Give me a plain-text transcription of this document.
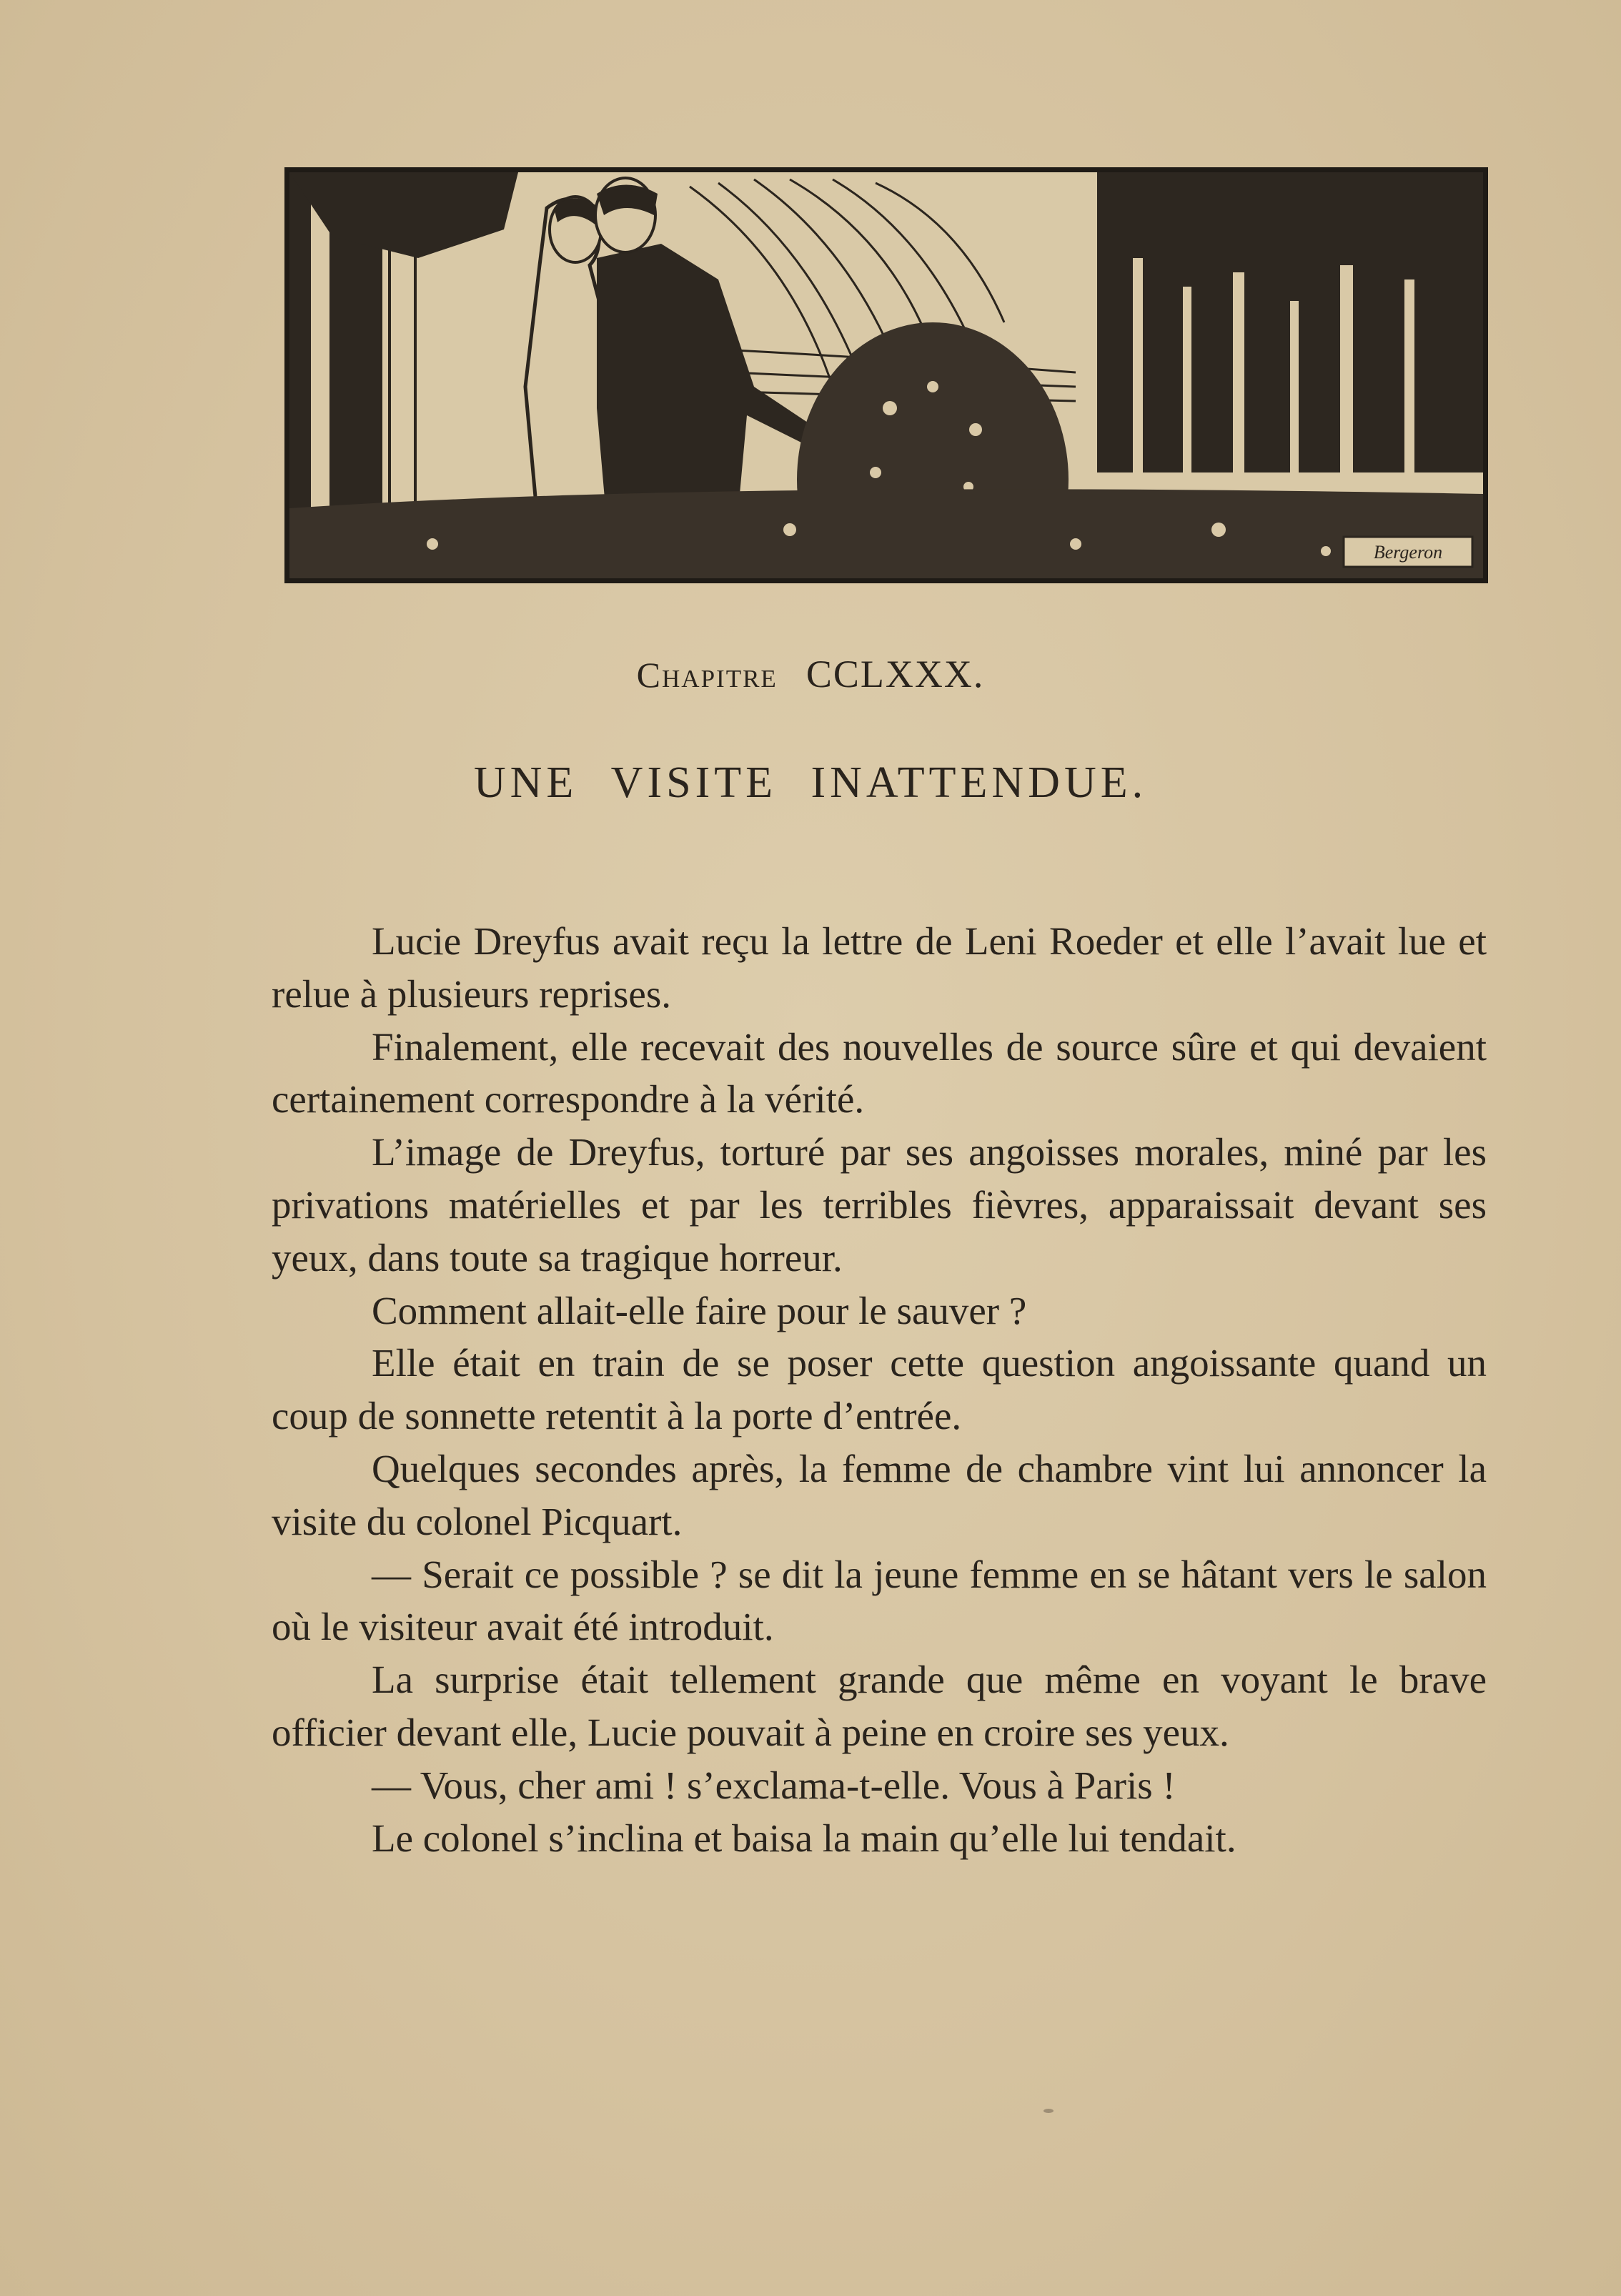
Bergeron
Chapitre CCLXXX.
UNE VISITE INATTENDUE.

Lucie Dreyfus avait reçu la lettre de Leni Roeder et elle l’avait lue et relue à plusieurs reprises.

Finalement, elle recevait des nouvelles de source sûre et qui devaient certainement correspondre à la vérité.

L’image de Dreyfus, torturé par ses angoisses morales, miné par les privations matérielles et par les terribles fièvres, apparaissait devant ses yeux, dans toute sa tragique horreur.

Comment allait-elle faire pour le sauver ?

Elle était en train de se poser cette question angoissante quand un coup de sonnette retentit à la porte d’entrée.

Quelques secondes après, la femme de chambre vint lui annoncer la visite du colonel Picquart.

— Serait ce possible ? se dit la jeune femme en se hâtant vers le salon où le visiteur avait été introduit.

La surprise était tellement grande que même en voyant le brave officier devant elle, Lucie pouvait à peine en croire ses yeux.

— Vous, cher ami ! s’exclama-t-elle. Vous à Paris !

Le colonel s’inclina et baisa la main qu’elle lui tendait.
